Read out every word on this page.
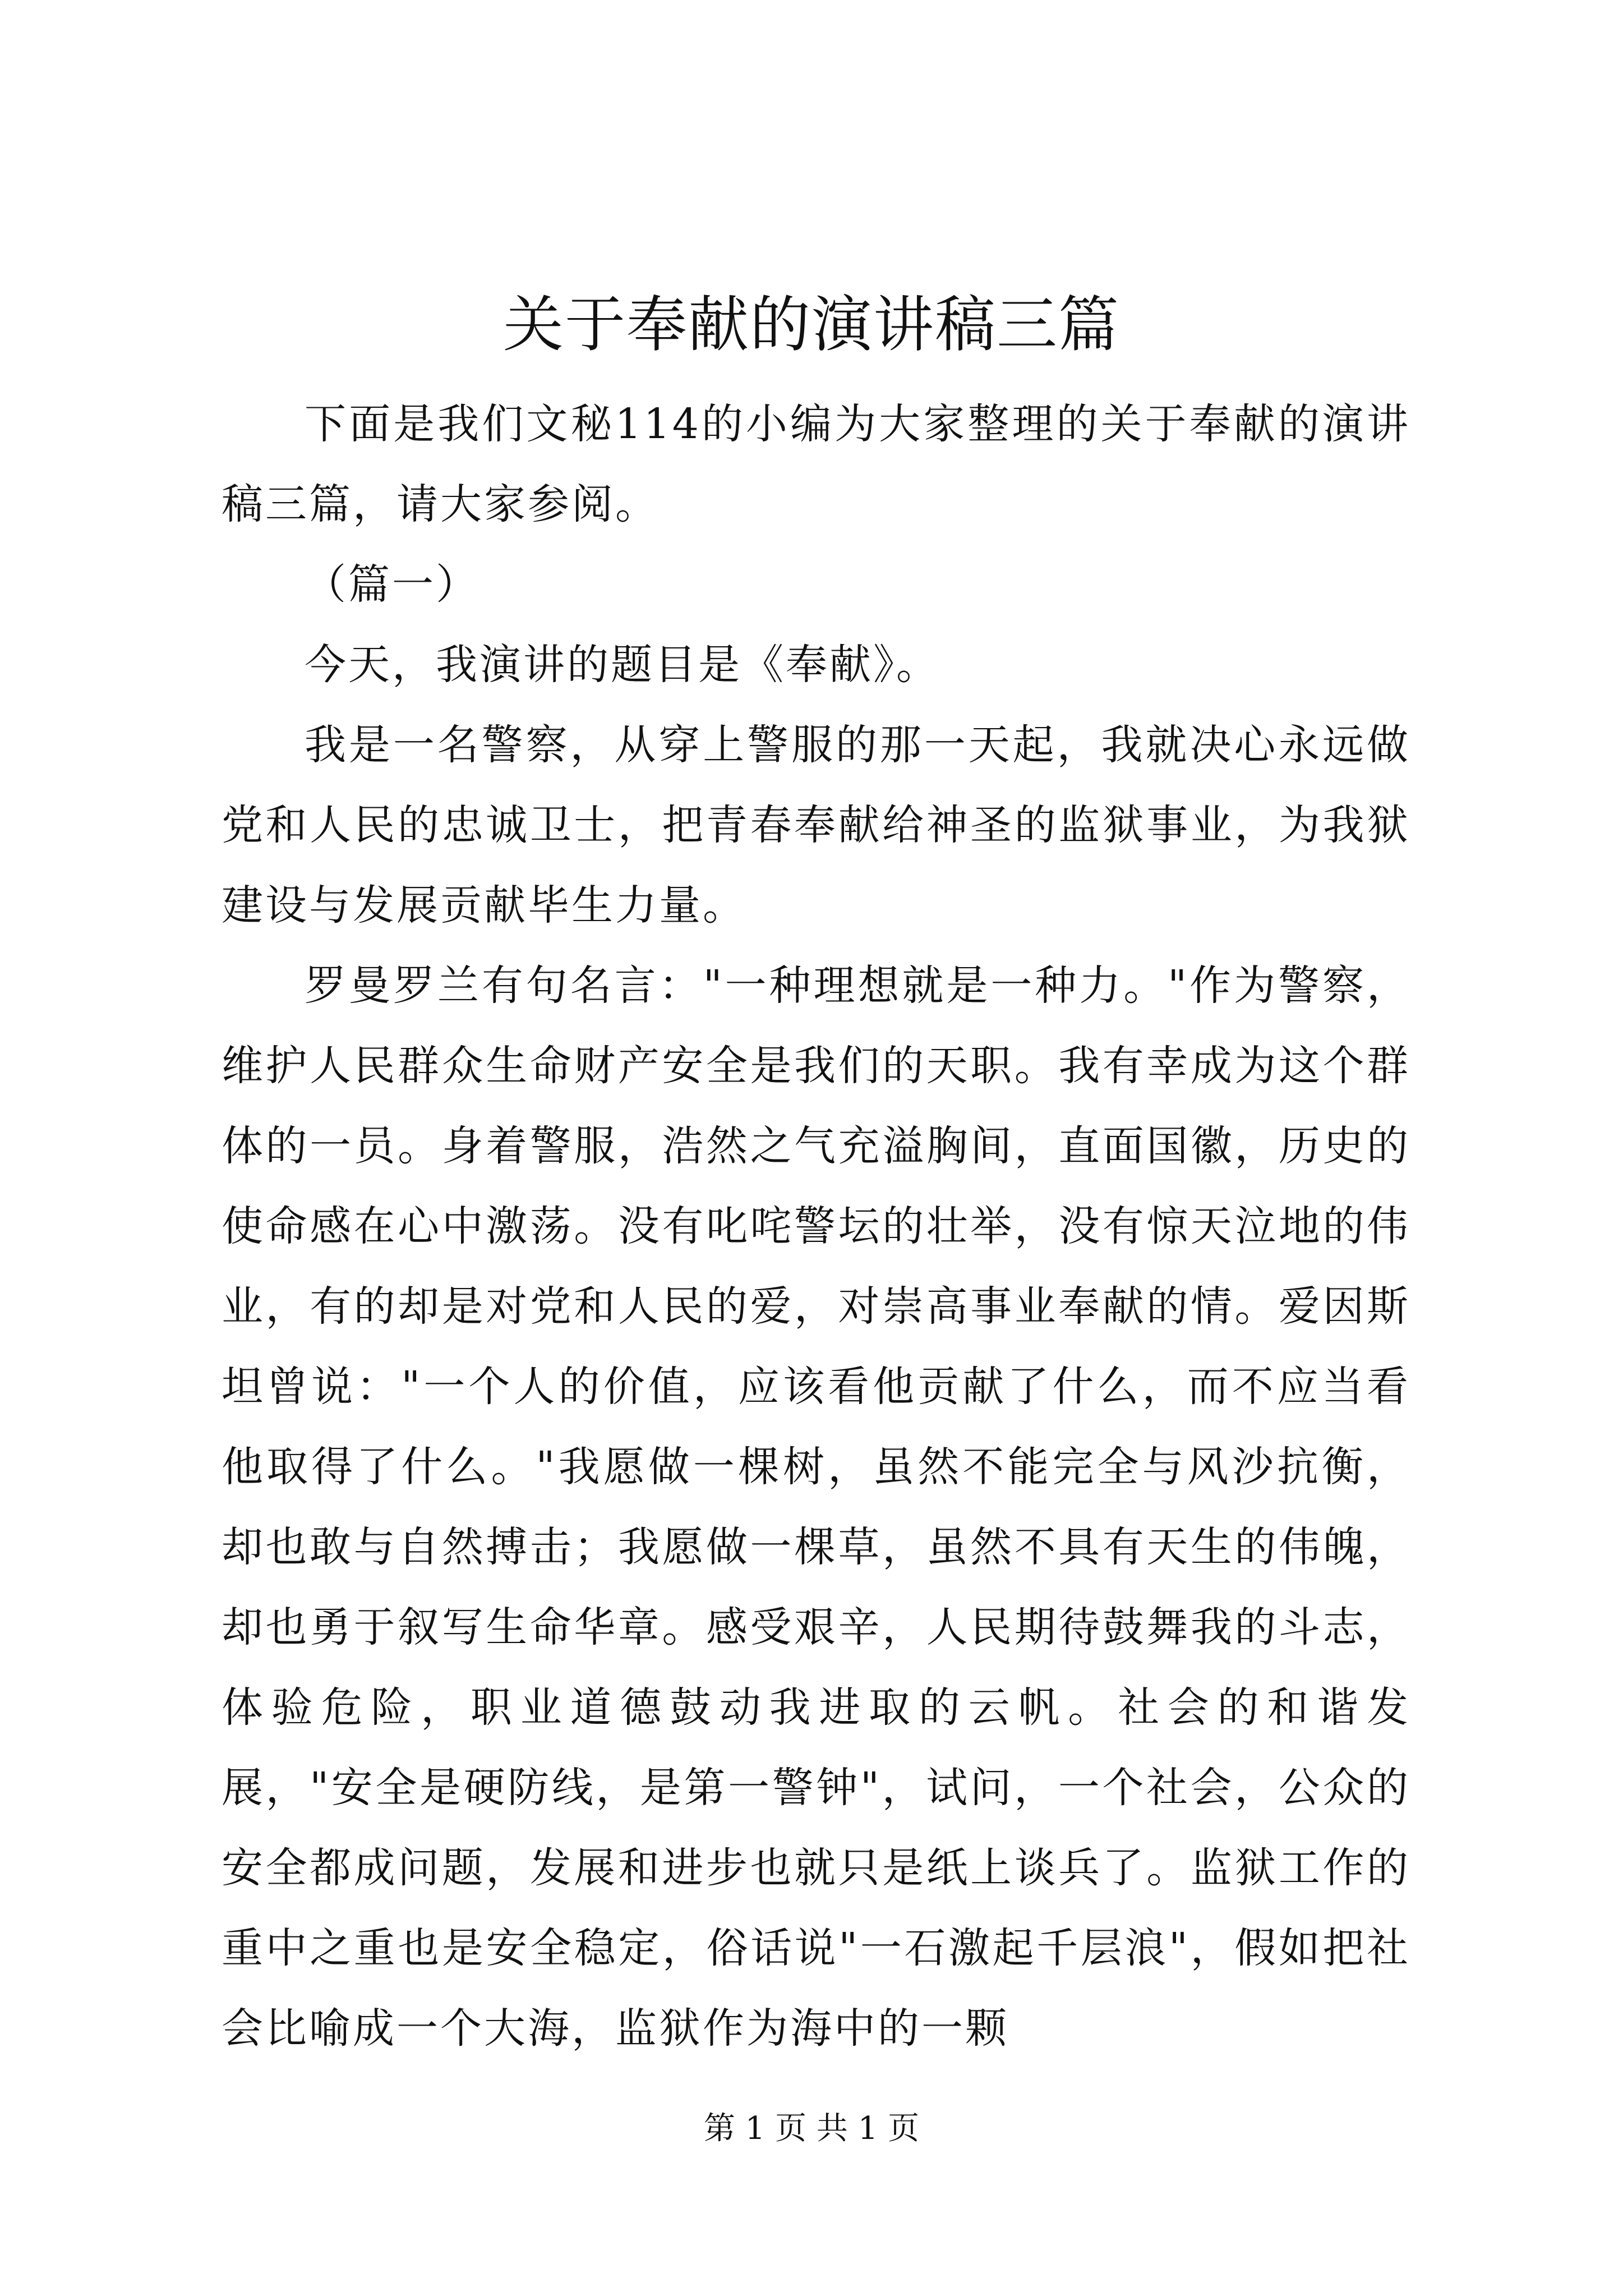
关于奉献的演讲稿三篇

下面是我们文秘114的小编为大家整理的关于奉献的演讲稿三篇，请大家参阅。

（篇一）

今天，我演讲的题目是《奉献》。

我是一名警察，从穿上警服的那一天起，我就决心永远做党和人民的忠诚卫士，把青春奉献给神圣的监狱事业，为我狱建设与发展贡献毕生力量。

罗曼罗兰有句名言："一种理想就是一种力。"作为警察，维护人民群众生命财产安全是我们的天职。我有幸成为这个群体的一员。身着警服，浩然之气充溢胸间，直面国徽，历史的使命感在心中激荡。没有叱咤警坛的壮举，没有惊天泣地的伟业，有的却是对党和人民的爱，对崇高事业奉献的情。爱因斯坦曾说："一个人的价值，应该看他贡献了什么，而不应当看他取得了什么。"我愿做一棵树，虽然不能完全与风沙抗衡，却也敢与自然搏击；我愿做一棵草，虽然不具有天生的伟魄，却也勇于叙写生命华章。感受艰辛，人民期待鼓舞我的斗志，体验危险，职业道德鼓动我进取的云帆。社会的和谐发展，"安全是硬防线，是第一警钟"，试问，一个社会，公众的安全都成问题，发展和进步也就只是纸上谈兵了。监狱工作的重中之重也是安全稳定，俗话说"一石激起千层浪"，假如把社会比喻成一个大海，监狱作为海中的一颗

第 1 页 共 1 页
